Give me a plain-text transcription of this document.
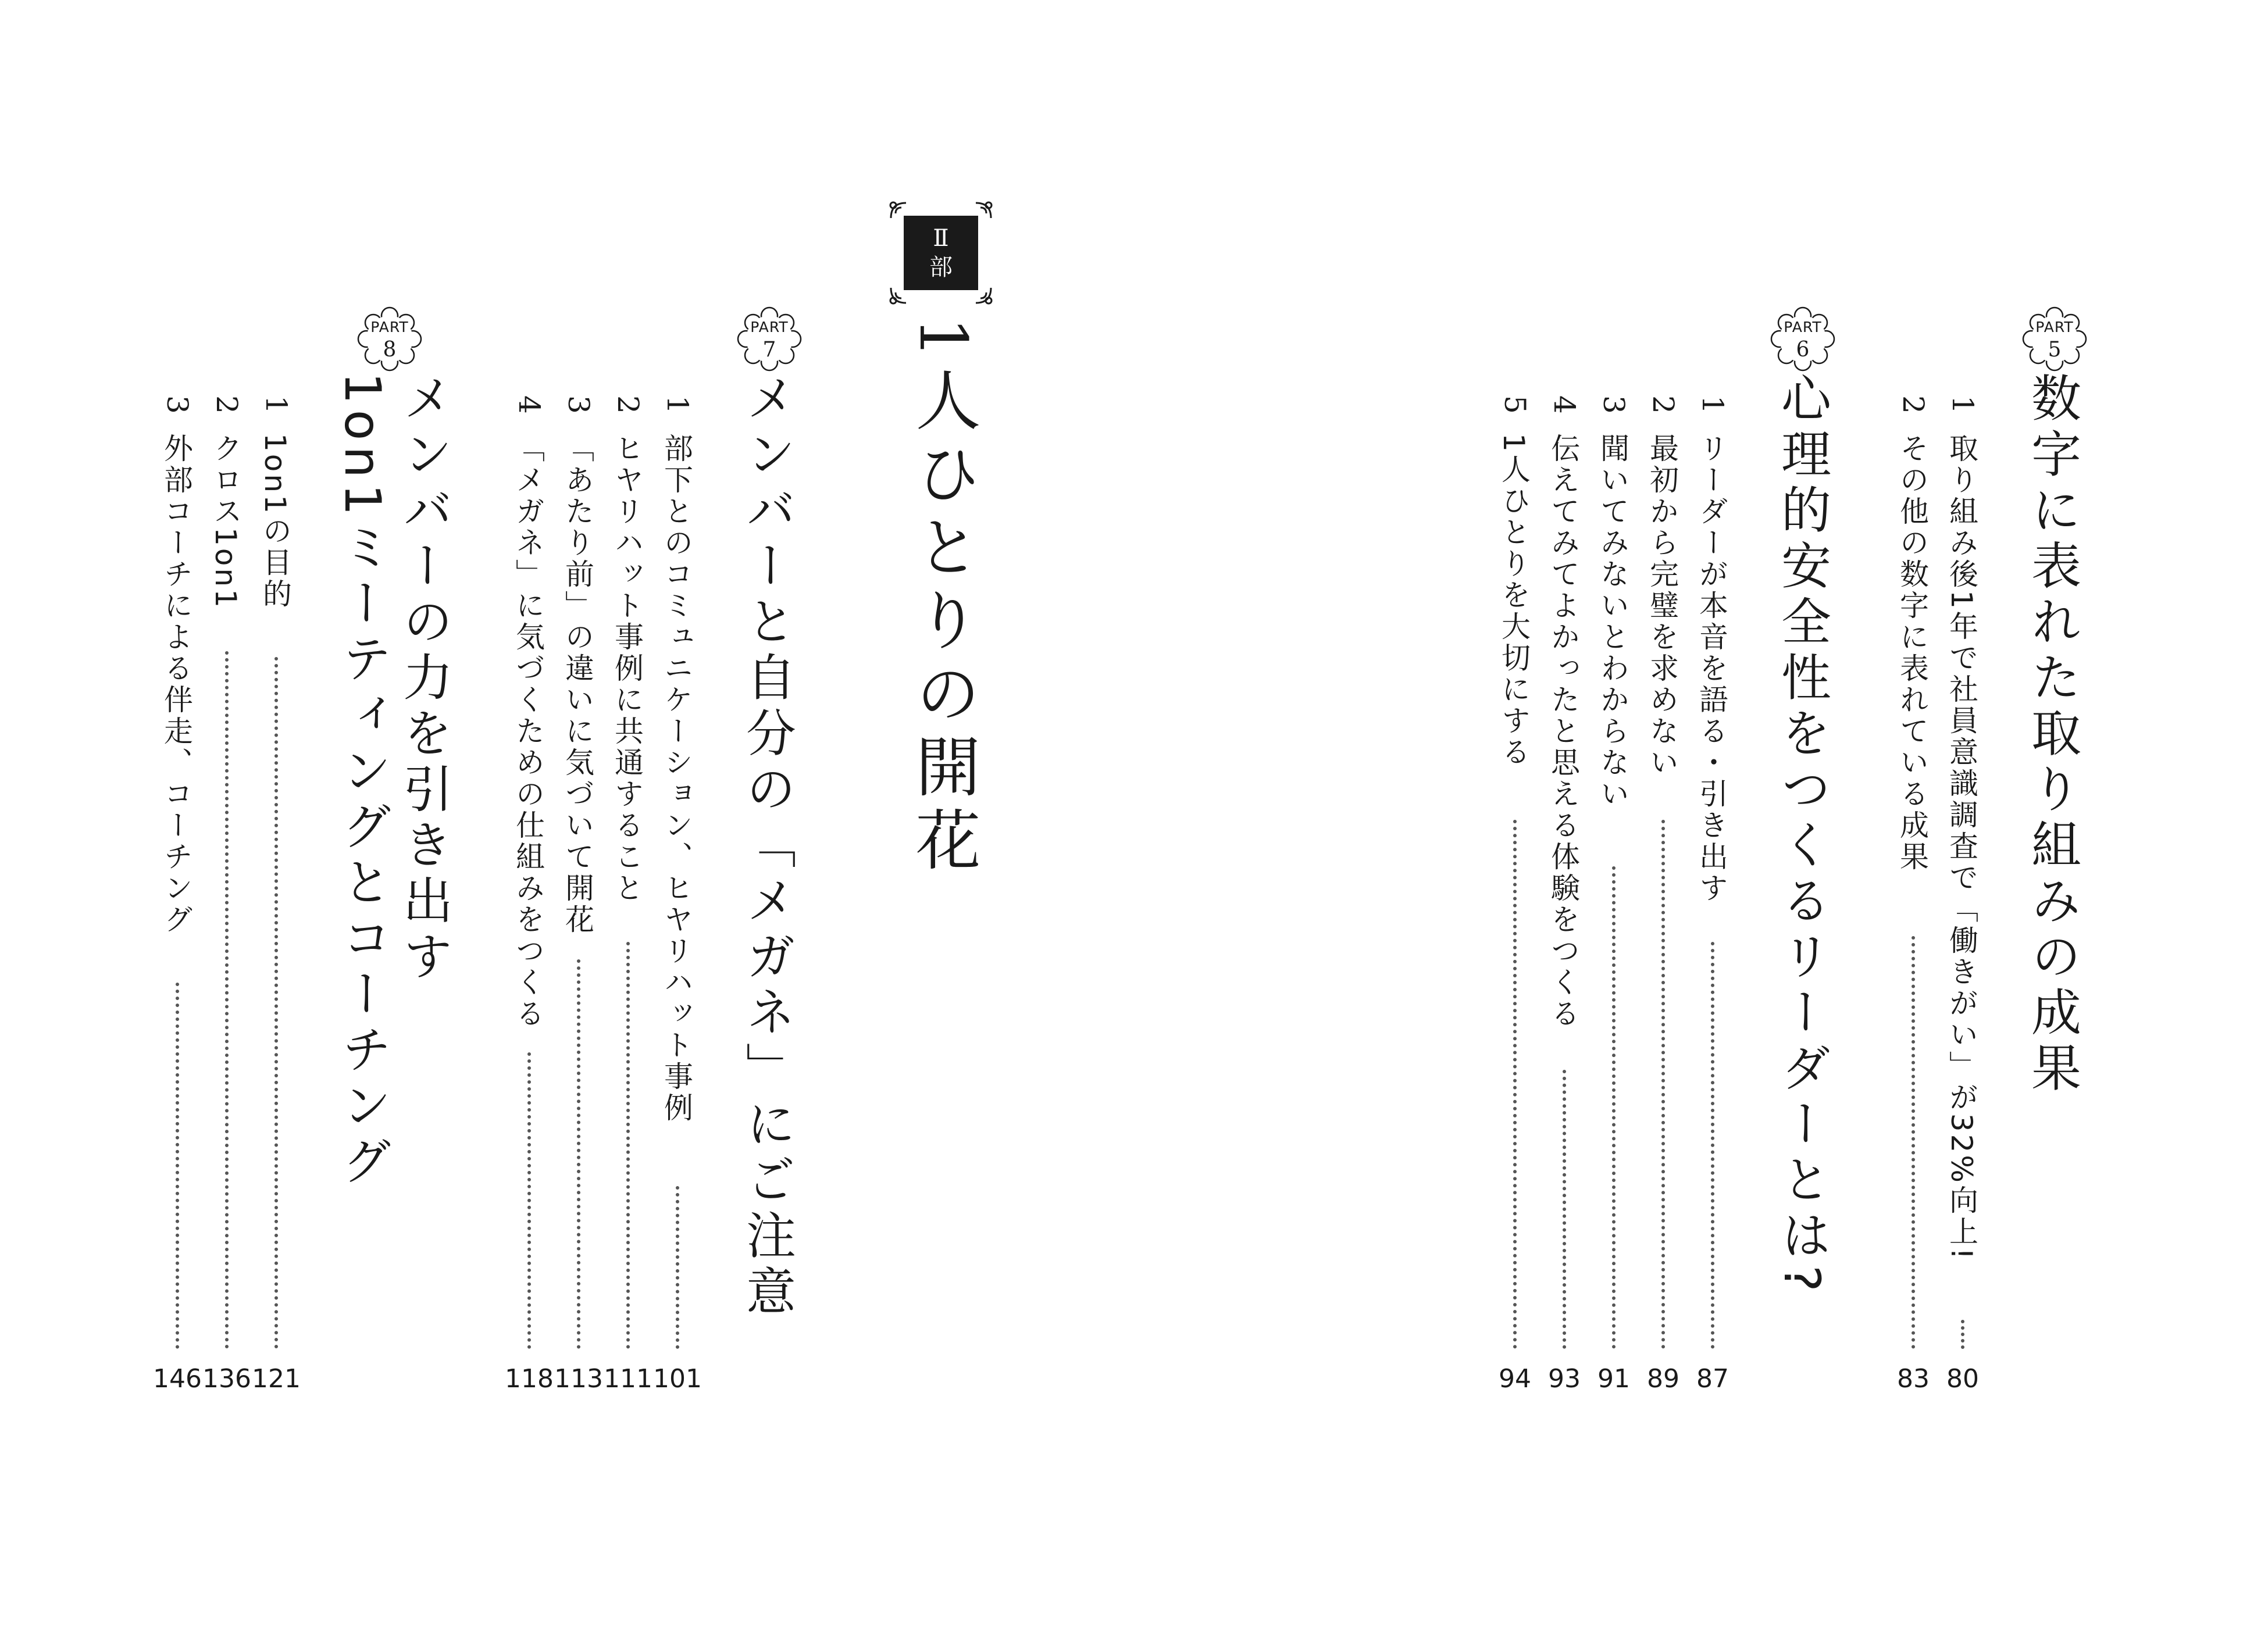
Ⅱ
部
1人ひとりの開花
PART
7
メンバーと自分の「メガネ」にご注意
1
部下とのコミュニケーション、ヒヤリハット事例
101
2
ヒヤリハット事例に共通すること
111
3
「あたり前」の違いに気づいて開花
113
4
「メガネ」に気づくための仕組みをつくる
118
PART
8
メンバーの力を引き出す
1on1ミーティングとコーチング
1
1on1の目的
121
2
クロス1on1
136
3
外部コーチによる伴走、コーチング
146
PART
5
数字に表れた取り組みの成果
1
取り組み後1年で社員意識調査で「働きがい」が32%向上!
80
2
その他の数字に表れている成果
83
PART
6
心理的安全性をつくるリーダーとは?
1
リーダーが本音を語る・引き出す
87
2
最初から完璧を求めない
89
3
聞いてみないとわからない
91
4
伝えてみてよかったと思える体験をつくる
93
5
1人ひとりを大切にする
94
